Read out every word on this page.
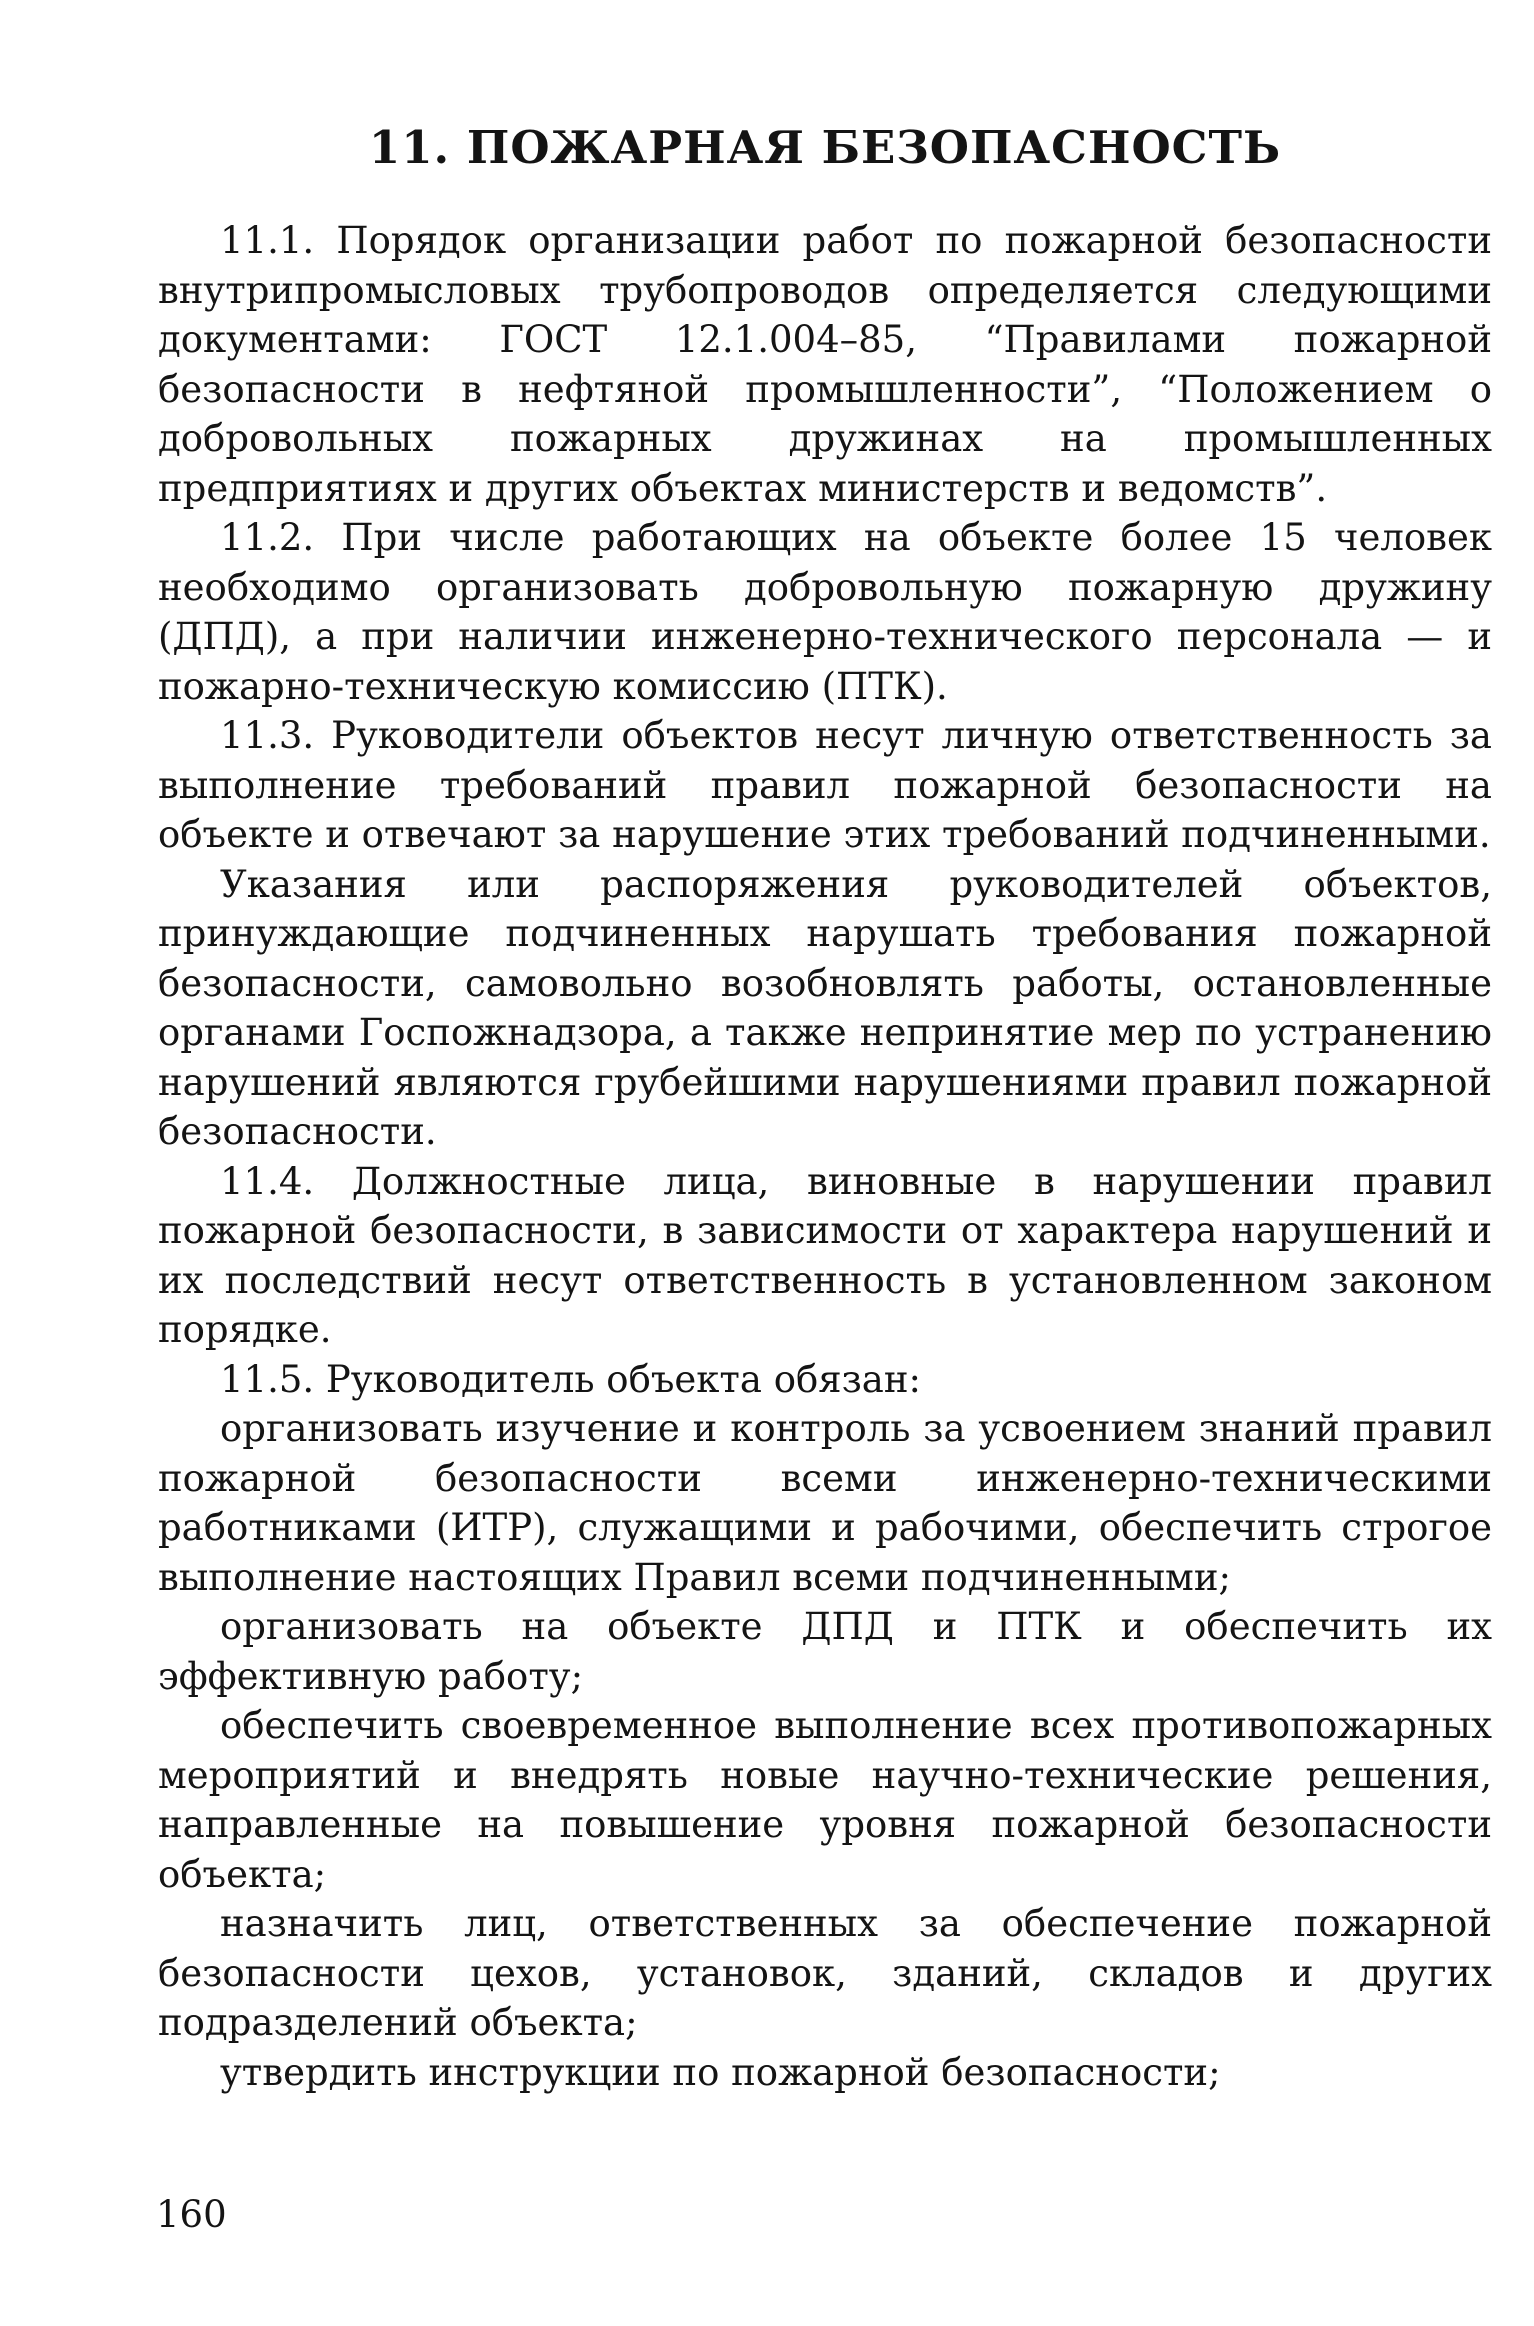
11. ПОЖАРНАЯ БЕЗОПАСНОСТЬ

11.1. Порядок организации работ по пожарной безопасности внутрипромысловых трубопроводов определяется следующими документами: ГОСТ 12.1.004–85, “Правилами пожарной безопасности в нефтяной промышленности”, “Положением о добровольных пожарных дружинах на промышленных предприятиях и других объектах министерств и ведомств”.

11.2. При числе работающих на объекте более 15 человек необходимо организовать добровольную пожарную дружину (ДПД), а при наличии инженерно-технического персонала — и пожарно-техническую комиссию (ПТК).

11.3. Руководители объектов несут личную ответственность за выполнение требований правил пожарной безопасности на объекте и отвечают за нарушение этих требований подчиненными.

Указания или распоряжения руководителей объектов, принуждающие подчиненных нарушать требования пожарной безопасности, самовольно возобновлять работы, остановленные органами Госпожнадзора, а также непринятие мер по устранению нарушений являются грубейшими нарушениями правил пожарной безопасности.

11.4. Должностные лица, виновные в нарушении правил пожарной безопасности, в зависимости от характера нарушений и их последствий несут ответственность в установленном законом порядке.

11.5. Руководитель объекта обязан:

организовать изучение и контроль за усвоением знаний правил пожарной безопасности всеми инженерно-техническими работниками (ИТР), служащими и рабочими, обеспечить строгое выполнение настоящих Правил всеми подчиненными;

организовать на объекте ДПД и ПТК и обеспечить их эффективную работу;

обеспечить своевременное выполнение всех противопожарных мероприятий и внедрять новые научно-технические решения, направленные на повышение уровня пожарной безопасности объекта;

назначить лиц, ответственных за обеспечение пожарной безопасности цехов, установок, зданий, складов и других подразделений объекта;

утвердить инструкции по пожарной безопасности;

160
